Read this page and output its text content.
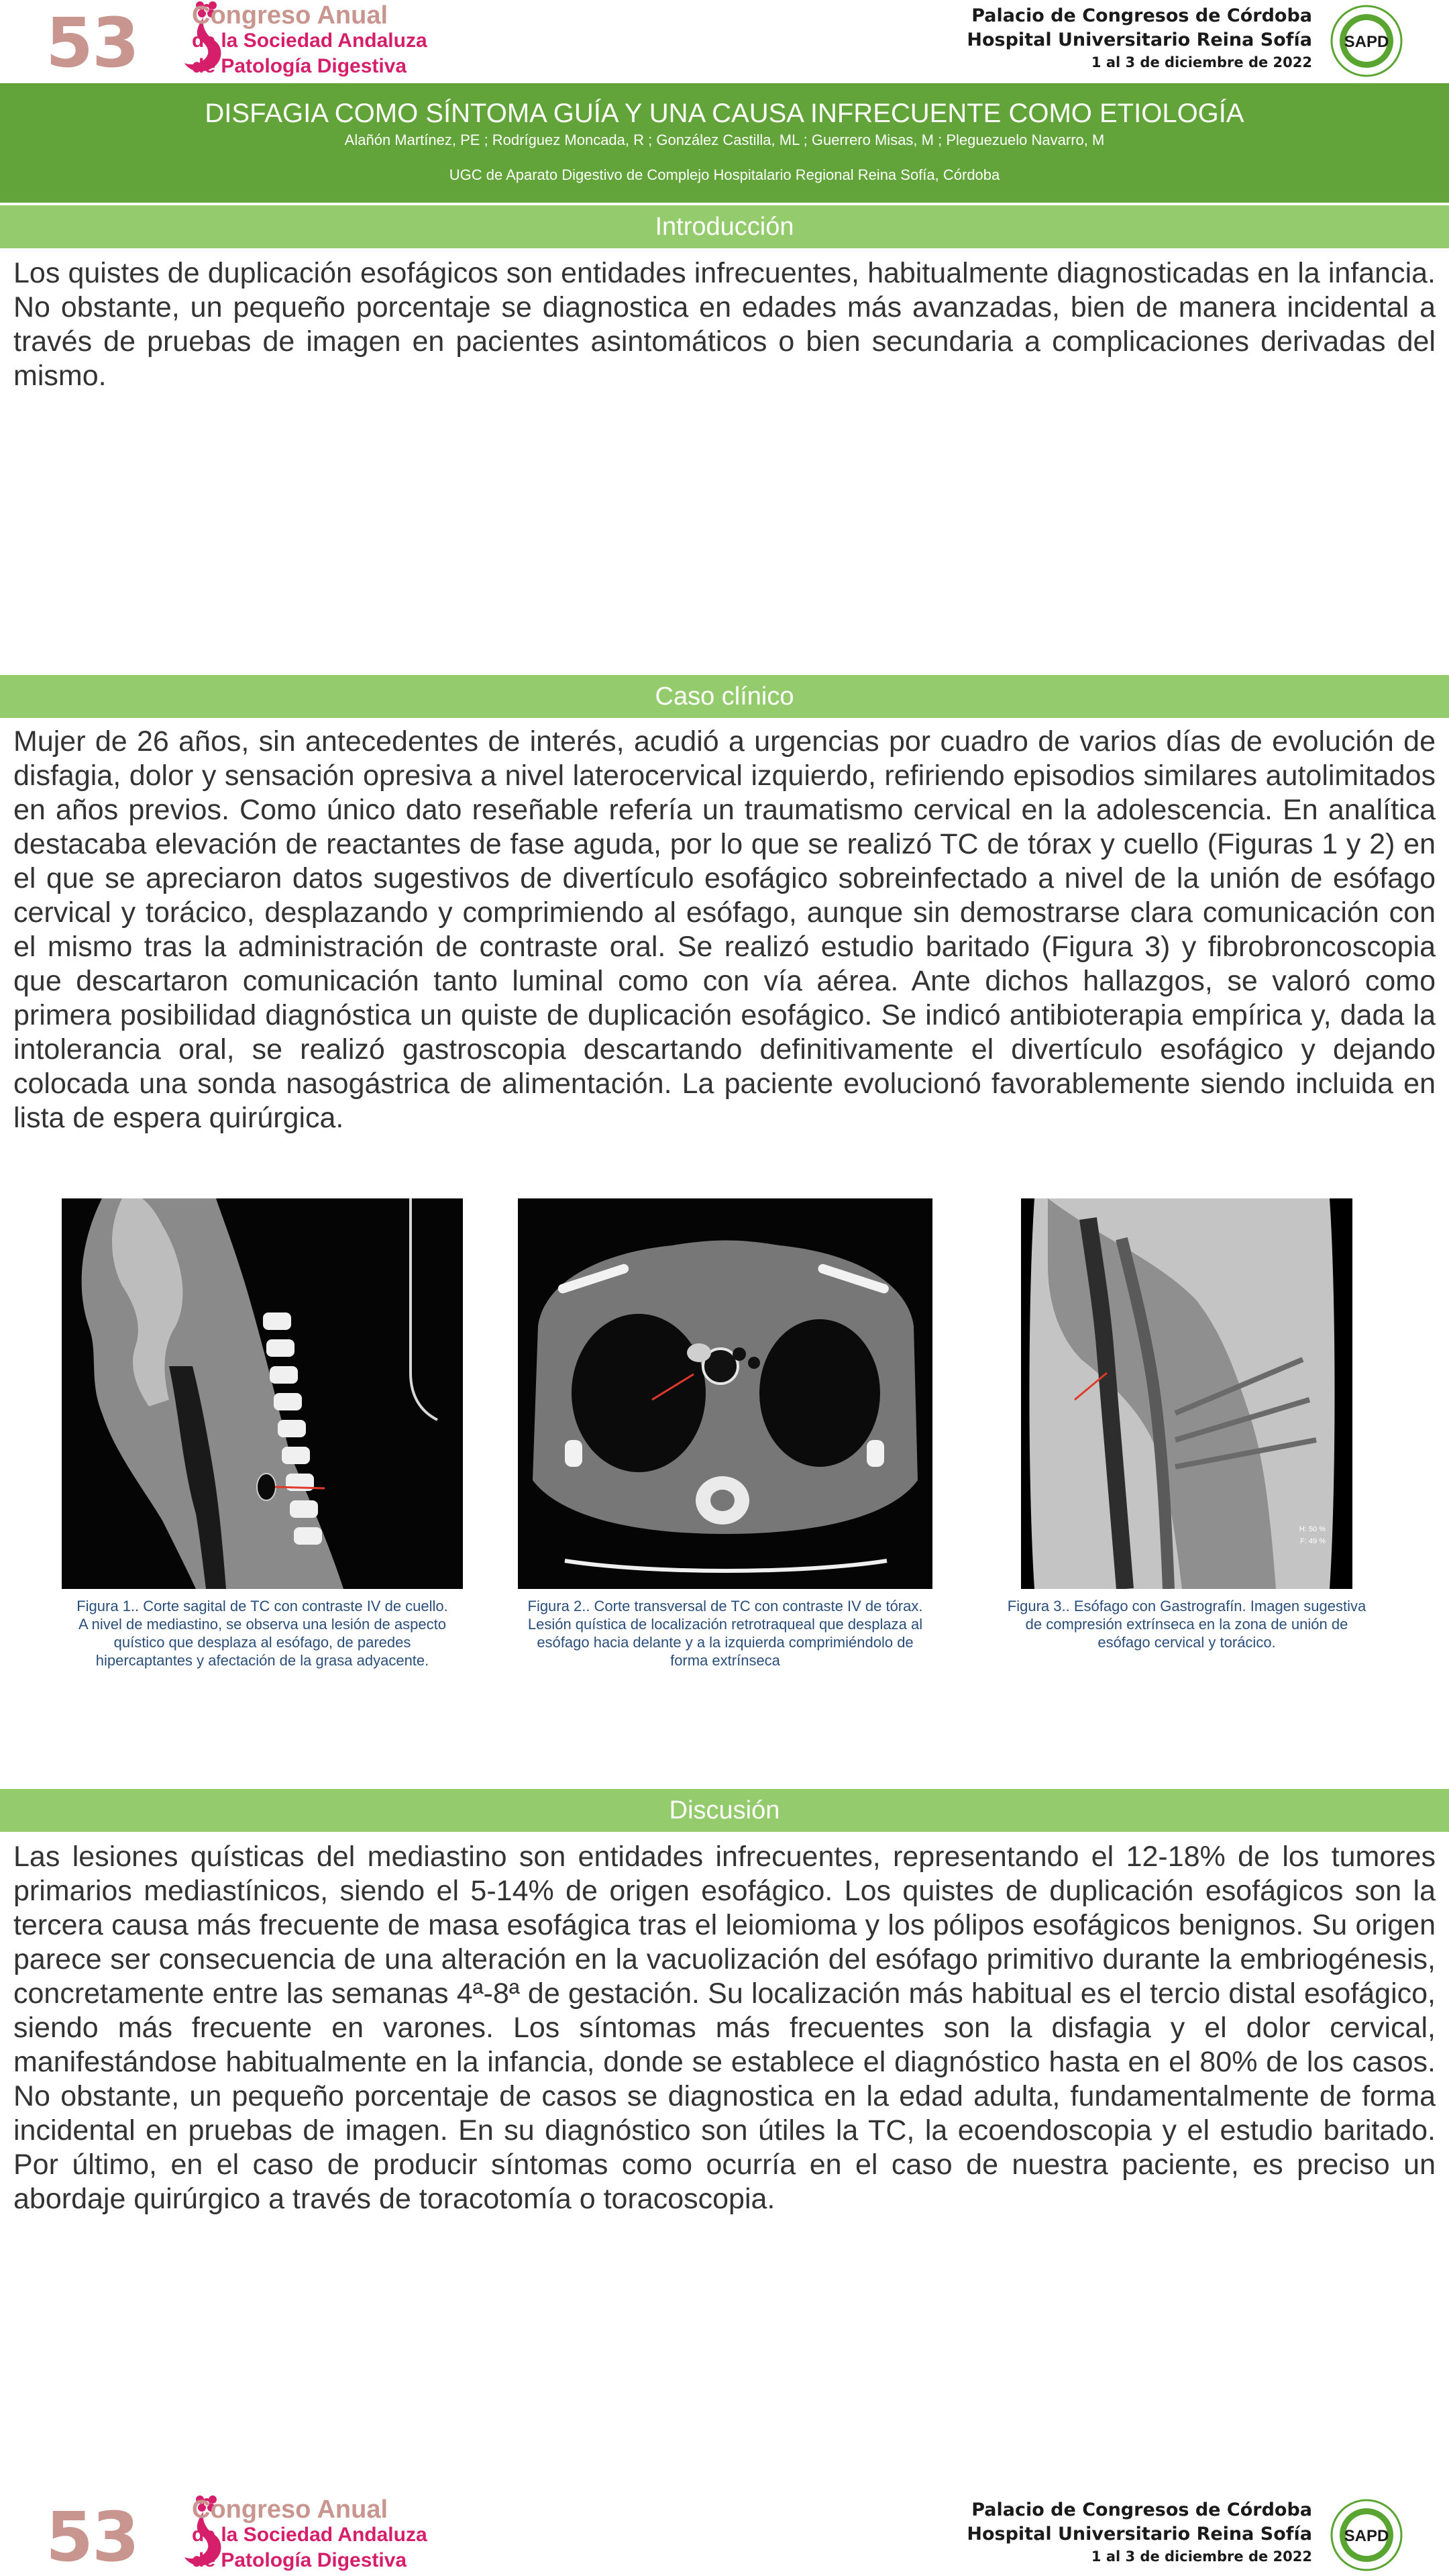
53 Congreso Anual
de la Sociedad Andaluza
de Patología Digestiva
Palacio de Congresos de Córdoba
Hospital Universitario Reina Sofía
1 al 3 de diciembre de 2022
SAPD
DISFAGIA COMO SÍNTOMA GUÍA Y UNA CAUSA INFRECUENTE COMO ETIOLOGÍA
Alañón Martínez, PE ; Rodríguez Moncada, R ; González Castilla, ML ; Guerrero Misas, M ; Pleguezuelo Navarro, M
UGC de Aparato Digestivo de Complejo Hospitalario Regional Reina Sofía, Córdoba
Introducción
Los quistes de duplicación esofágicos son entidades infrecuentes, habitualmente diagnosticadas en la infancia. No obstante, un pequeño porcentaje se diagnostica en edades más avanzadas, bien de manera incidental a través de pruebas de imagen en pacientes asintomáticos o bien secundaria a complicaciones derivadas del mismo.
Caso clínico
Mujer de 26 años, sin antecedentes de interés, acudió a urgencias por cuadro de varios días de evolución de disfagia, dolor y sensación opresiva a nivel laterocervical izquierdo, refiriendo episodios similares autolimitados en años previos. Como único dato reseñable refería un traumatismo cervical en la adolescencia. En analítica destacaba elevación de reactantes de fase aguda, por lo que se realizó TC de tórax y cuello (Figuras 1 y 2) en el que se apreciaron datos sugestivos de divertículo esofágico sobreinfectado a nivel de la unión de esófago cervical y torácico, desplazando y comprimiendo al esófago, aunque sin demostrarse clara comunicación con el mismo tras la administración de contraste oral. Se realizó estudio baritado (Figura 3) y fibrobroncoscopia que descartaron comunicación tanto luminal como con vía aérea. Ante dichos hallazgos, se valoró como primera posibilidad diagnóstica un quiste de duplicación esofágico. Se indicó antibioterapia empírica y, dada la intolerancia oral, se realizó gastroscopia descartando definitivamente el divertículo esofágico y dejando colocada una sonda nasogástrica de alimentación. La paciente evolucionó favorablemente siendo incluida en lista de espera quirúrgica.
H: 50 %
F: 49 %
Figura 1.. Corte sagital de TC con contraste IV de cuello. A nivel de mediastino, se observa una lesión de aspecto quístico que desplaza al esófago, de paredes hipercaptantes y afectación de la grasa adyacente.
Figura 2.. Corte transversal de TC con contraste IV de tórax. Lesión quística de localización retrotraqueal que desplaza al esófago hacia delante y a la izquierda comprimiéndolo de forma extrínseca
Figura 3.. Esófago con Gastrografín. Imagen sugestiva de compresión extrínseca en la zona de unión de esófago cervical y torácico.
Discusión
Las lesiones quísticas del mediastino son entidades infrecuentes, representando el 12-18% de los tumores primarios mediastínicos, siendo el 5-14% de origen esofágico. Los quistes de duplicación esofágicos son la tercera causa más frecuente de masa esofágica tras el leiomioma y los pólipos esofágicos benignos. Su origen parece ser consecuencia de una alteración en la vacuolización del esófago primitivo durante la embriogénesis, concretamente entre las semanas 4ª-8ª de gestación. Su localización más habitual es el tercio distal esofágico, siendo más frecuente en varones. Los síntomas más frecuentes son la disfagia y el dolor cervical, manifestándose habitualmente en la infancia, donde se establece el diagnóstico hasta en el 80% de los casos. No obstante, un pequeño porcentaje de casos se diagnostica en la edad adulta, fundamentalmente de forma incidental en pruebas de imagen. En su diagnóstico son útiles la TC, la ecoendoscopia y el estudio baritado. Por último, en el caso de producir síntomas como ocurría en el caso de nuestra paciente, es preciso un abordaje quirúrgico a través de toracotomía o toracoscopia.
53 Congreso Anual
de la Sociedad Andaluza
de Patología Digestiva
Palacio de Congresos de Córdoba
Hospital Universitario Reina Sofía
1 al 3 de diciembre de 2022
SAPD
